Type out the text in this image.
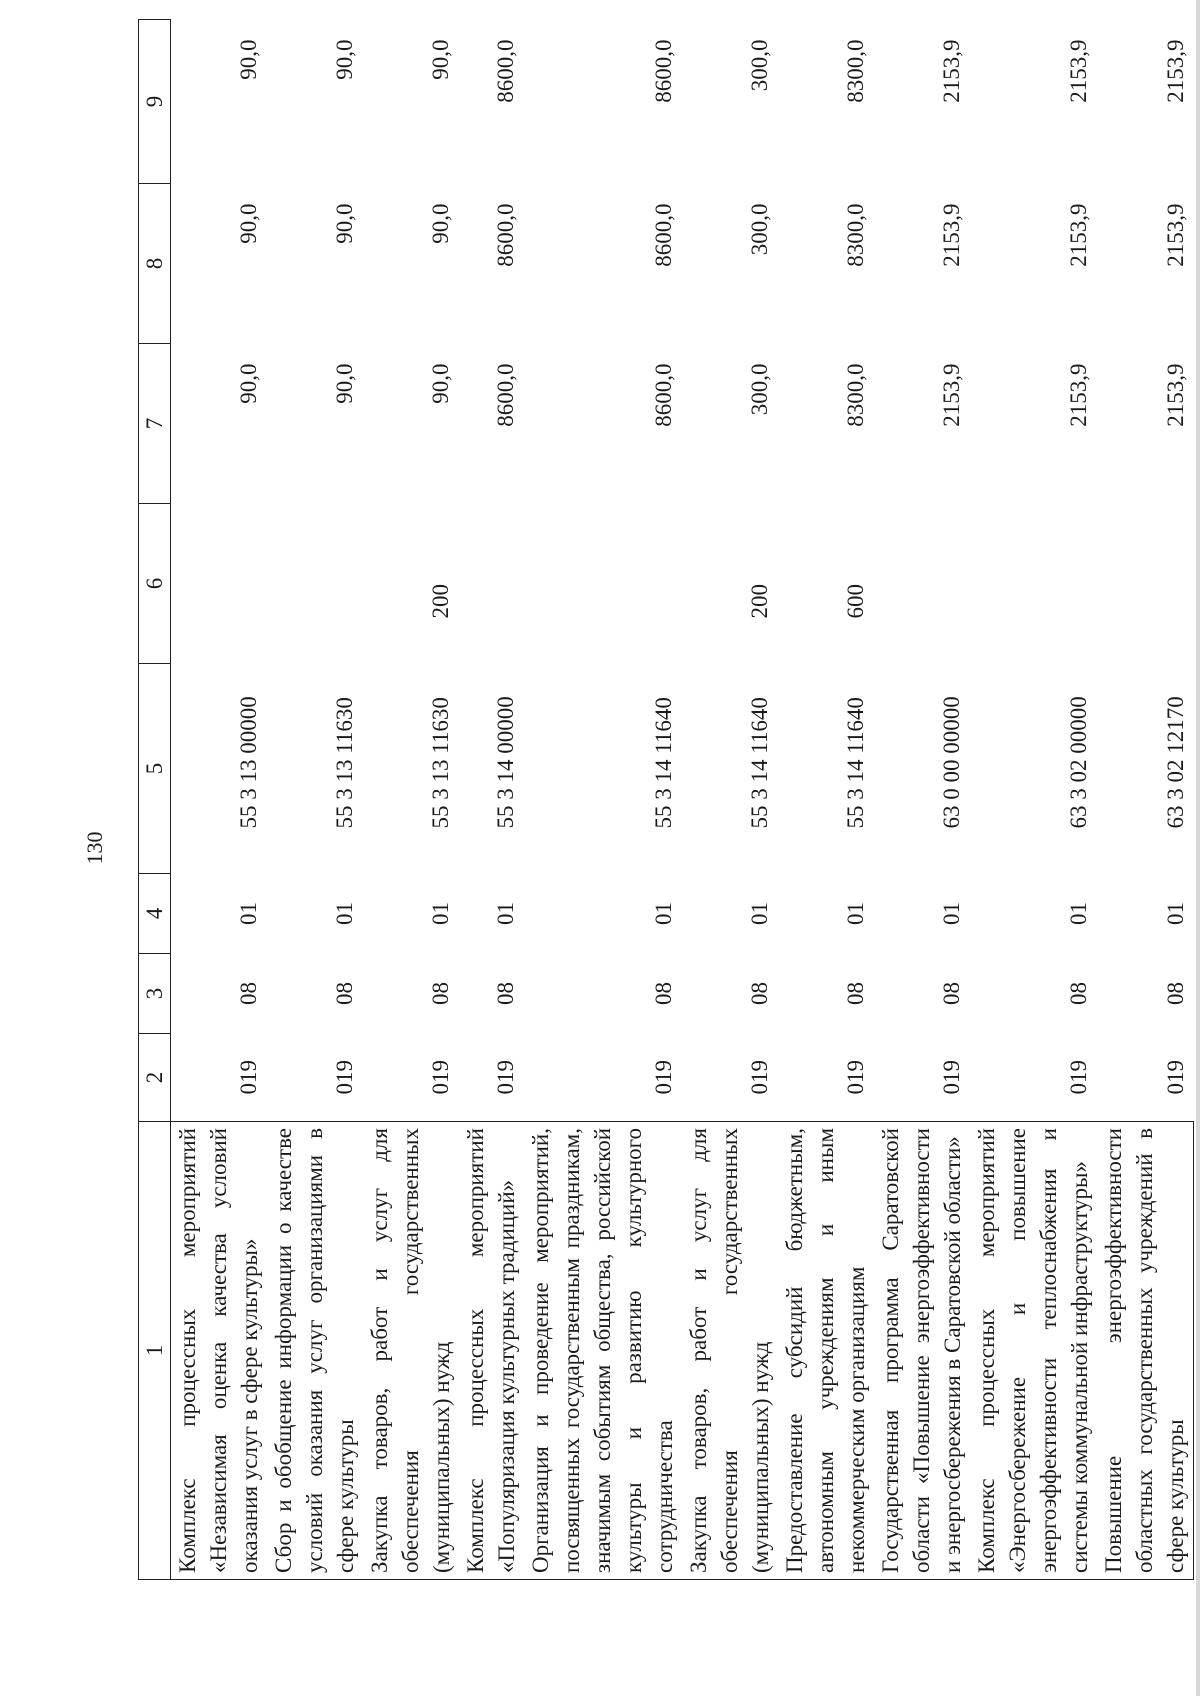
130
1	2	3	4	5	6	7	8	9
Комплекс процессных мероприятий «Независимая оценка качества условий оказания услуг в сфере культуры»	019	08	01	55 3 13 00000		90,0	90,0	90,0
Сбор и обобщение информации о качестве условий оказания услуг организациями в сфере культуры	019	08	01	55 3 13 11630		90,0	90,0	90,0
Закупка товаров, работ и услуг для обеспечения государственных (муниципальных) нужд	019	08	01	55 3 13 11630	200	90,0	90,0	90,0
Комплекс процессных мероприятий «Популяризация культурных традиций»	019	08	01	55 3 14 00000		8600,0	8600,0	8600,0
Организация и проведение мероприятий, посвященных государственным праздникам, значимым событиям общества, российской культуры и развитию культурного сотрудничества	019	08	01	55 3 14 11640		8600,0	8600,0	8600,0
Закупка товаров, работ и услуг для обеспечения государственных (муниципальных) нужд	019	08	01	55 3 14 11640	200	300,0	300,0	300,0
Предоставление субсидий бюджетным, автономным учреждениям и иным некоммерческим организациям	019	08	01	55 3 14 11640	600	8300,0	8300,0	8300,0
Государственная программа Саратовской области «Повышение энергоэффективности и энергосбережения в Саратовской области»	019	08	01	63 0 00 00000		2153,9	2153,9	2153,9
Комплекс процессных мероприятий «Энергосбережение и повышение энергоэффективности теплоснабжения и системы коммунальной инфраструктуры»	019	08	01	63 3 02 00000		2153,9	2153,9	2153,9
Повышение энергоэффективности областных государственных учреждений в сфере культуры	019	08	01	63 3 02 12170		2153,9	2153,9	2153,9
